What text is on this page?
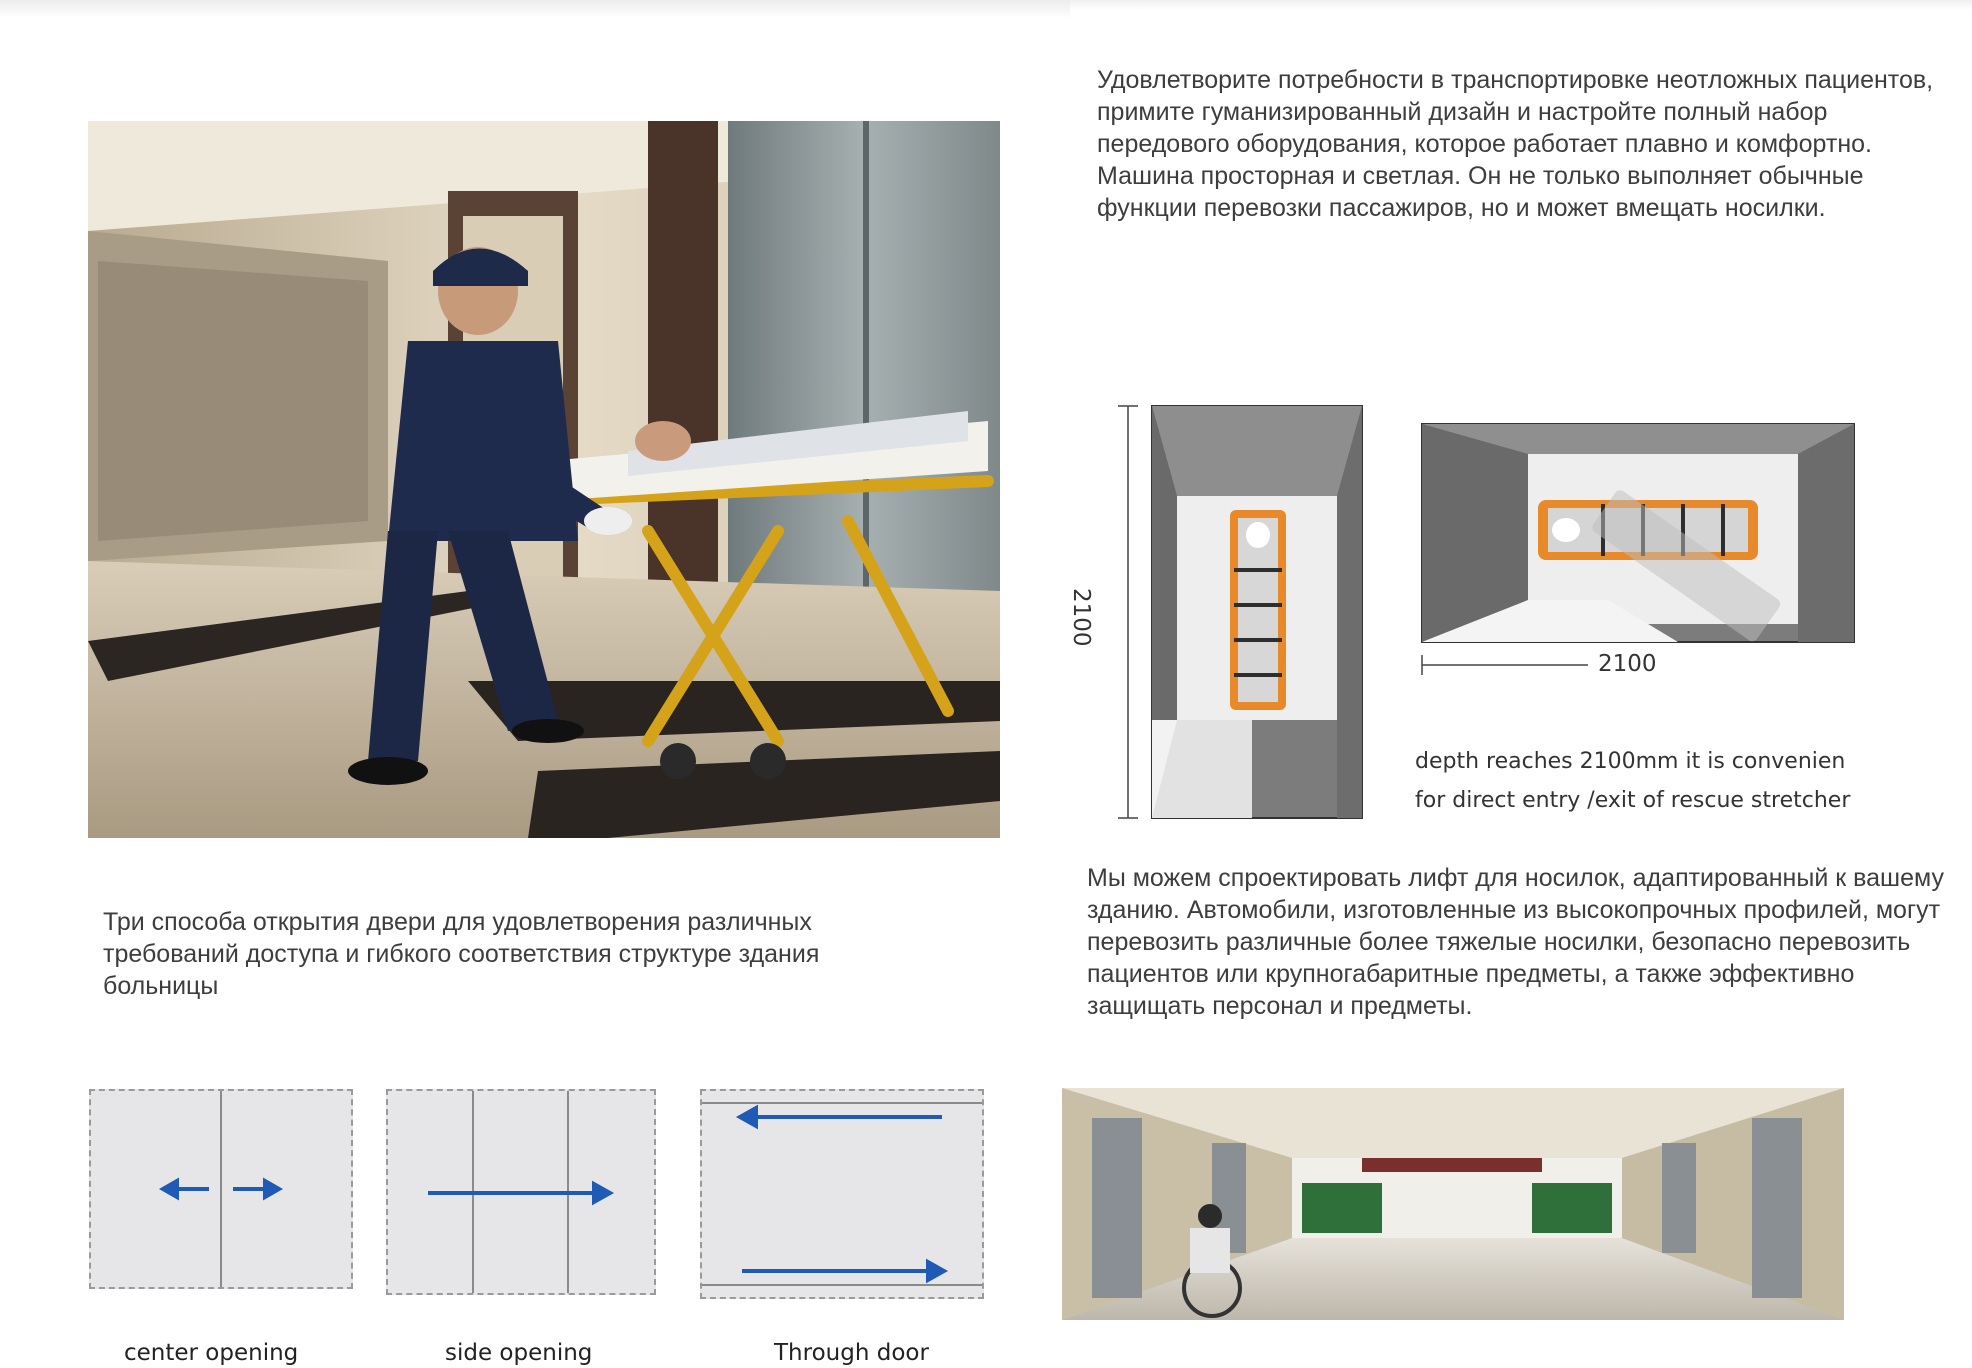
Удовлетворите потребности в транспортировке неотложных пациентов, примите гуманизированный дизайн и настройте полный набор передового оборудования, которое работает плавно и комфортно. Машина просторная и светлая. Он не только выполняет обычные функции перевозки пассажиров, но и может вмещать носилки.

2100
2100
depth reaches 2100mm it is convenien
for direct entry /exit of rescue stretcher

Три способа открытия двери для удовлетворения различных требований доступа и гибкого соответствия структуре здания больницы

Мы можем спроектировать лифт для носилок, адаптированный к вашему зданию. Автомобили, изготовленные из высокопрочных профилей, могут перевозить различные более тяжелые носилки, безопасно перевозить пациентов или крупногабаритные предметы, а также эффективно защищать персонал и предметы.

center opening	side opening	Through door
